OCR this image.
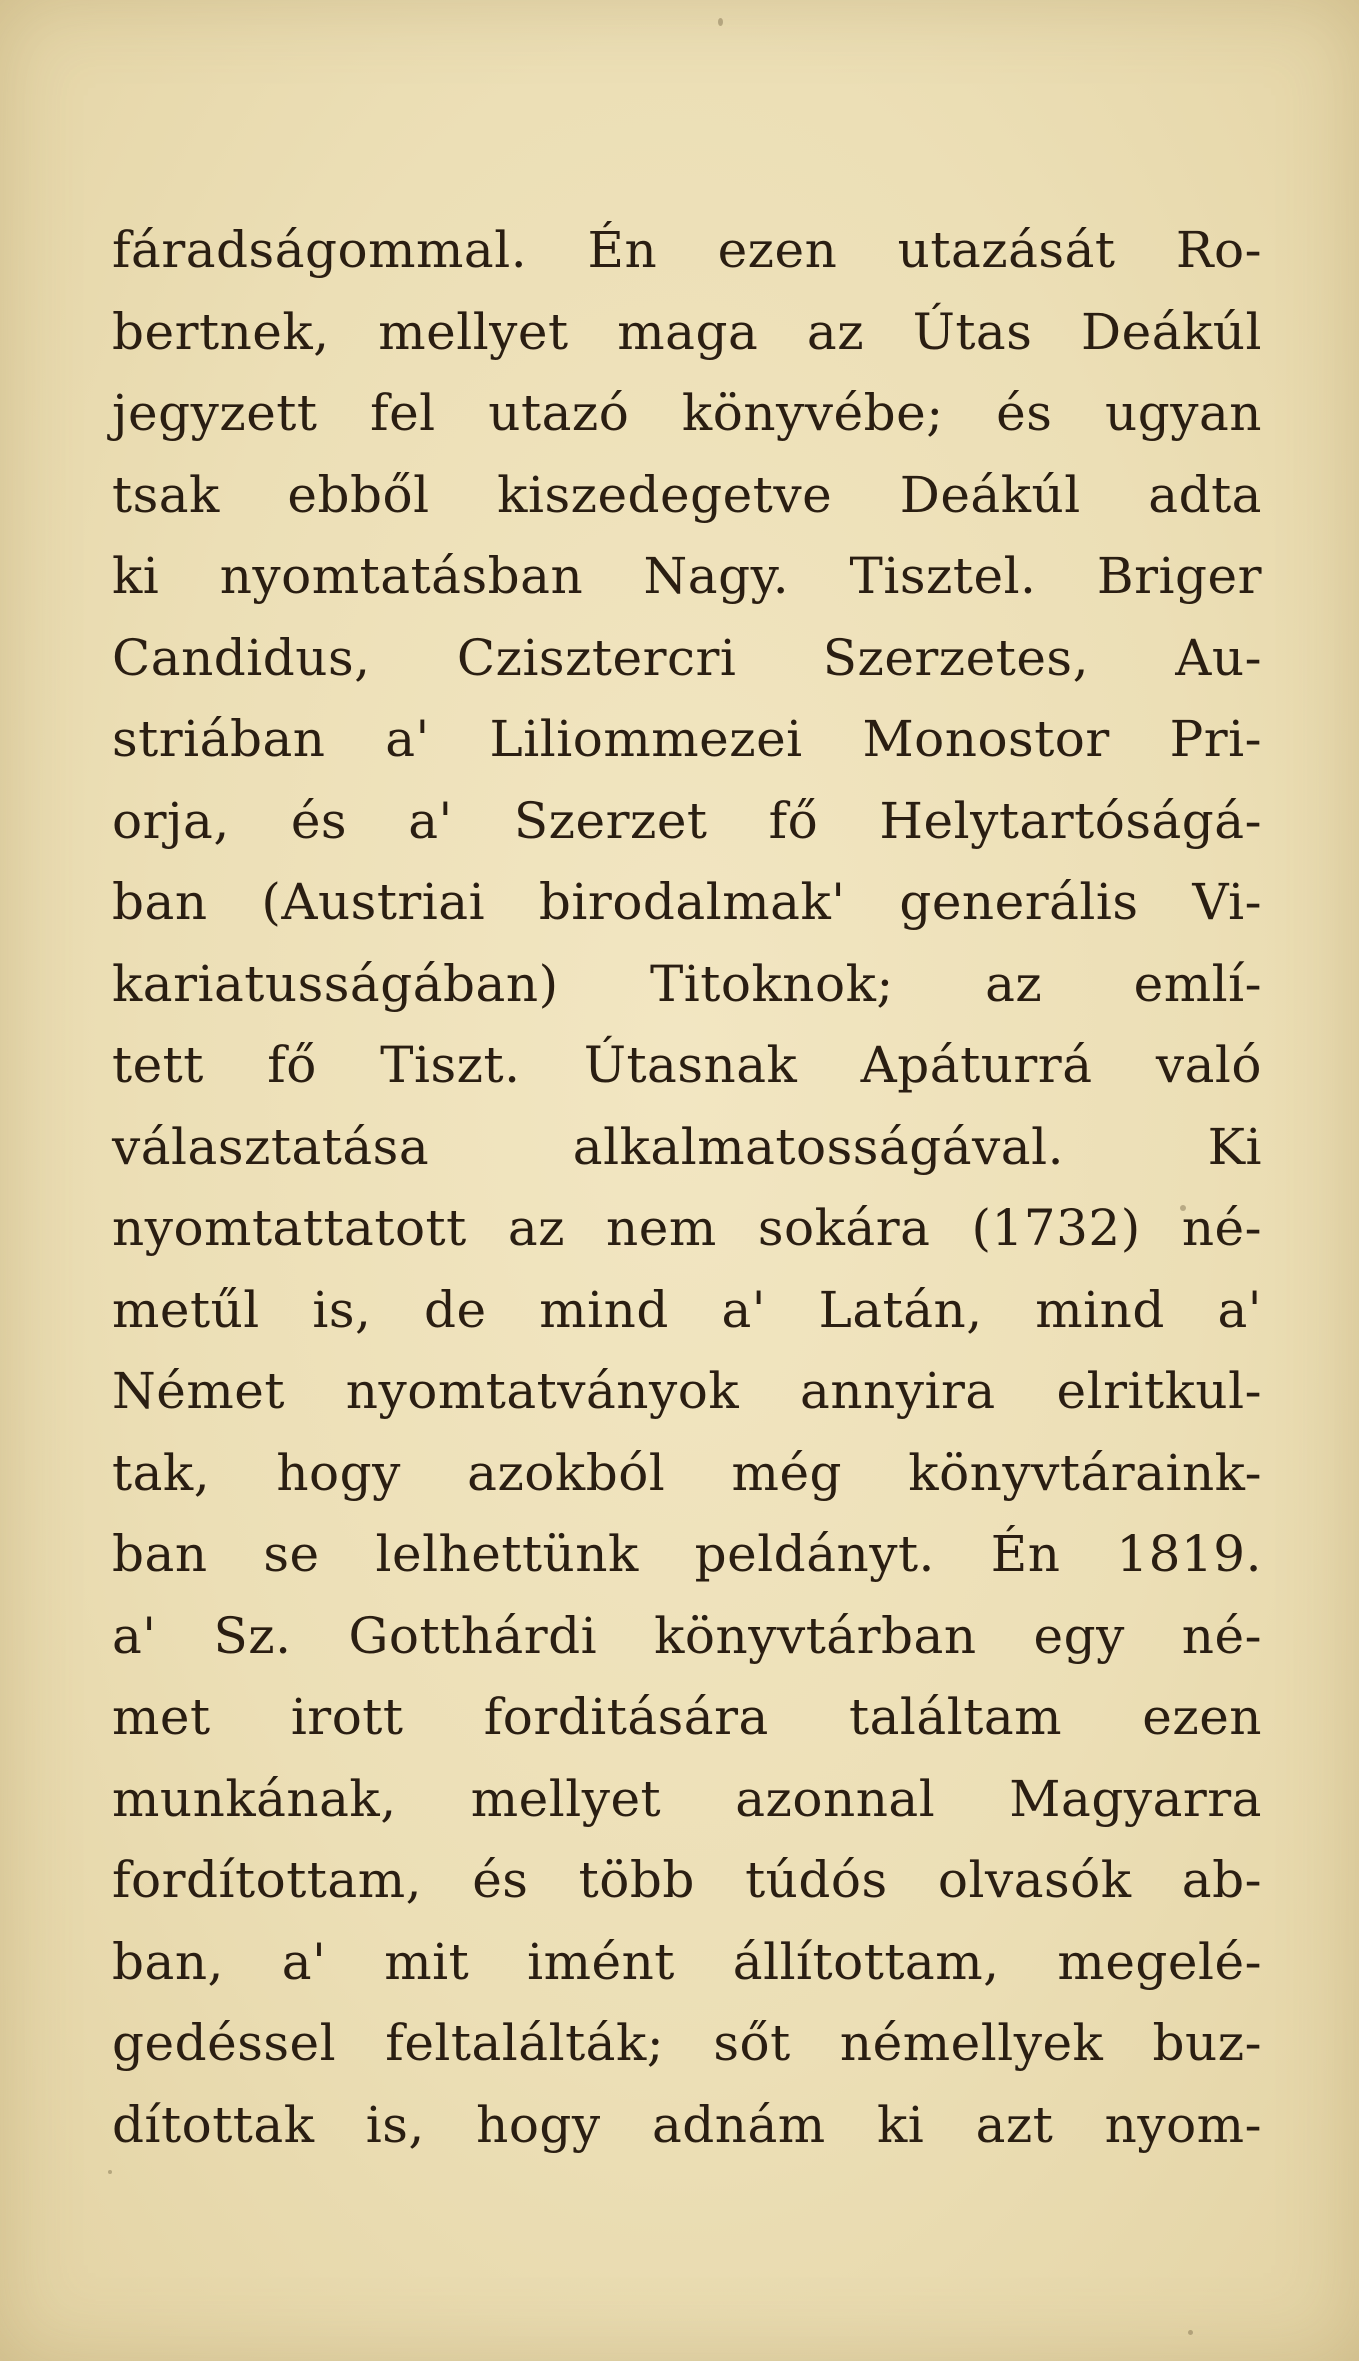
fáradságommal. Én ezen utazását Ro-
bertnek, mellyet maga az Útas Deákúl
jegyzett fel utazó könyvébe; és ugyan
tsak ebből kiszedegetve Deákúl adta
ki nyomtatásban Nagy. Tisztel. Briger
Candidus, Czisztercri Szerzetes, Au-
striában a' Liliommezei Monostor Pri-
orja, és a' Szerzet fő Helytartóságá-
ban (Austriai birodalmak' generális Vi-
kariatusságában) Titoknok; az emlí-
tett fő Tiszt. Útasnak Apáturrá való
választatása alkalmatosságával. Ki
nyomtattatott az nem sokára (1732) né-
metűl is, de mind a' Latán, mind a'
Német nyomtatványok annyira elritkul-
tak, hogy azokból még könyvtáraink-
ban se lelhettünk peldányt. Én 1819.
a' Sz. Gotthárdi könyvtárban egy né-
met irott forditására találtam ezen
munkának, mellyet azonnal Magyarra
fordítottam, és több túdós olvasók ab-
ban, a' mit imént állítottam, megelé-
gedéssel feltalálták; sőt némellyek buz-
dítottak is, hogy adnám ki azt nyom-
